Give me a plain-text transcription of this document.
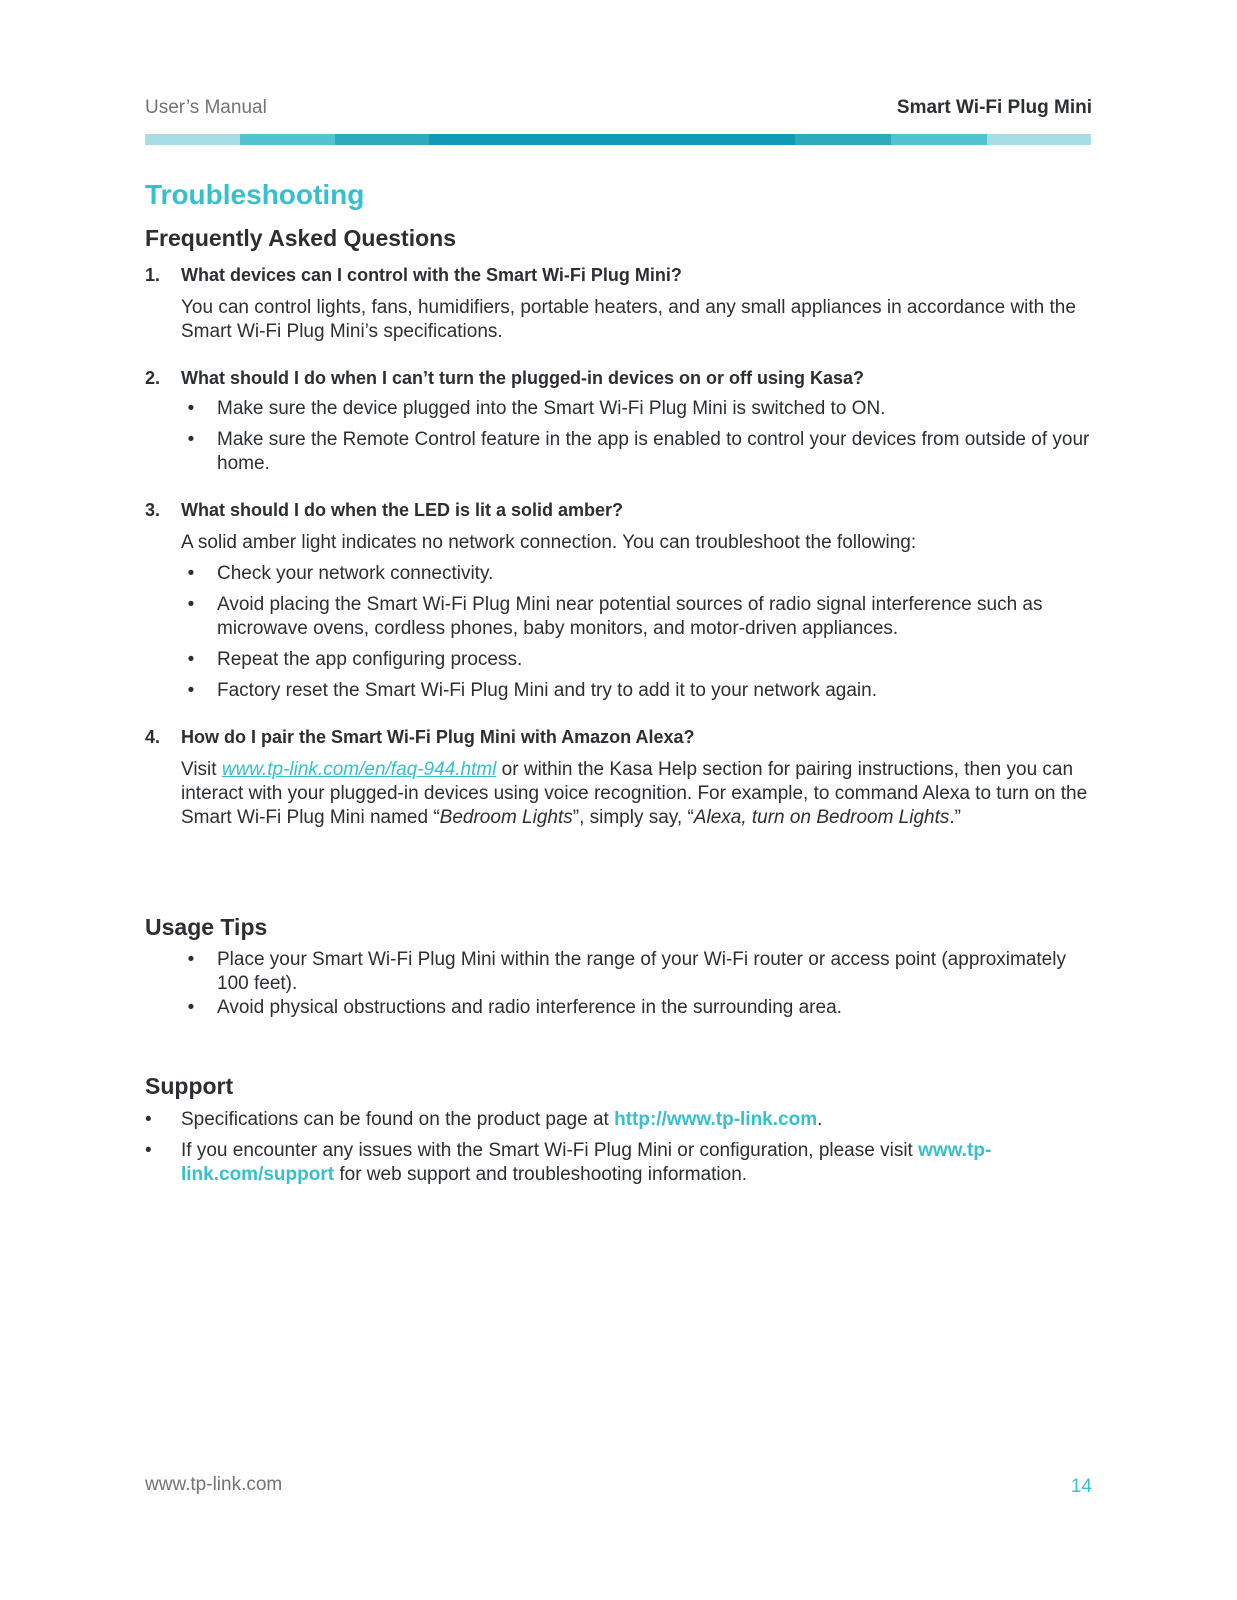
User’s Manual	Smart Wi-Fi Plug Mini
Troubleshooting
Frequently Asked Questions
1.	What devices can I control with the Smart Wi-Fi Plug Mini?
You can control lights, fans, humidifiers, portable heaters, and any small appliances in accordance with the Smart Wi-Fi Plug Mini’s specifications.
2.	What should I do when I can’t turn the plugged-in devices on or off using Kasa?
•	Make sure the device plugged into the Smart Wi-Fi Plug Mini is switched to ON.
•	Make sure the Remote Control feature in the app is enabled to control your devices from outside of your home.
3.	What should I do when the LED is lit a solid amber?
A solid amber light indicates no network connection. You can troubleshoot the following:
•	Check your network connectivity.
•	Avoid placing the Smart Wi-Fi Plug Mini near potential sources of radio signal interference such as microwave ovens, cordless phones, baby monitors, and motor-driven appliances.
•	Repeat the app configuring process.
•	Factory reset the Smart Wi-Fi Plug Mini and try to add it to your network again.
4.	How do I pair the Smart Wi-Fi Plug Mini with Amazon Alexa?
Visit www.tp-link.com/en/faq-944.html or within the Kasa Help section for pairing instructions, then you can interact with your plugged-in devices using voice recognition. For example, to command Alexa to turn on the Smart Wi-Fi Plug Mini named “Bedroom Lights”, simply say, “Alexa, turn on Bedroom Lights.”
Usage Tips
•	Place your Smart Wi-Fi Plug Mini within the range of your Wi-Fi router or access point (approximately 100 feet).
•	Avoid physical obstructions and radio interference in the surrounding area.
Support
• Specifications can be found on the product page at http://www.tp-link.com.
• If you encounter any issues with the Smart Wi-Fi Plug Mini or configuration, please visit www.tp-link.com/support for web support and troubleshooting information.
www.tp-link.com	14
